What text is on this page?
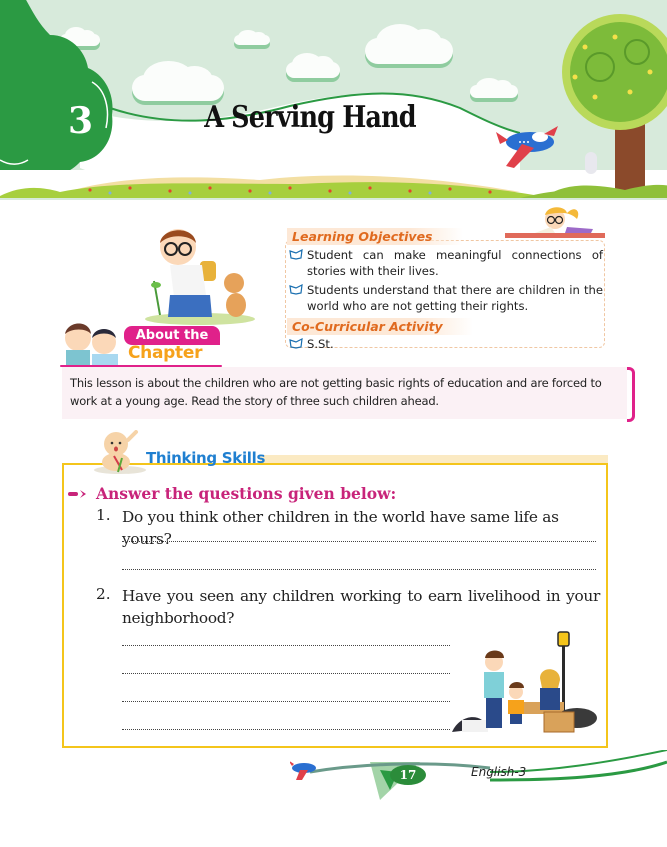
3	A Serving Hand
Learning Objectives
Student can make meaningful connections of stories with their lives.
Students understand that there are children in the world who are not getting their rights.
Co-Curricular Activity
S.St.
About the
Chapter
This lesson is about the children who are not getting basic rights of education and are forced to work at a young age. Read the story of three such children ahead.
Thinking Skills
Answer the questions given below:
1. Do you think other children in the world have same life as yours?
2. Have you seen any children working to earn livelihood in your neighborhood?
17	English-3
